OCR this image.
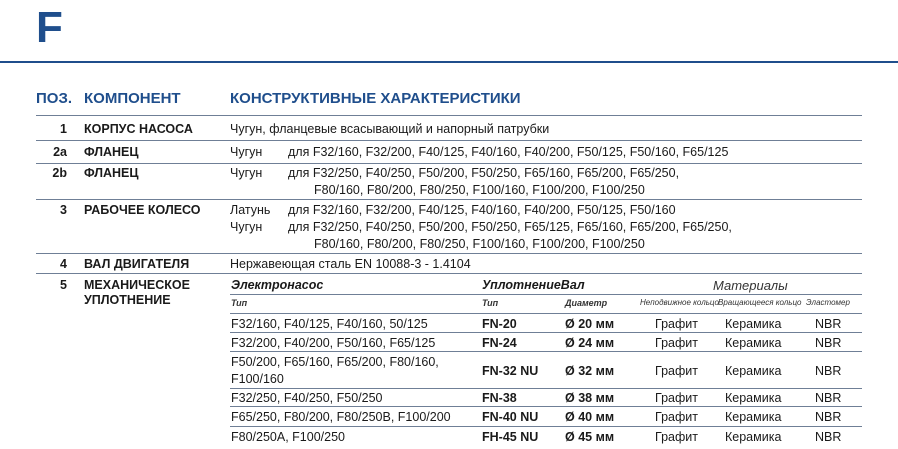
F
ПОЗ. КОМПОНЕНТ	КОНСТРУКТИВНЫЕ ХАРАКТЕРИСТИКИ
1 КОРПУС НАСОСА	Чугун, фланцевые всасывающий и напорный патрубки
2a ФЛАНЕЦ	Чугун для F32/160, F32/200, F40/125, F40/160, F40/200, F50/125, F50/160, F65/125
2b ФЛАНЕЦ	Чугун для F32/250, F40/250, F50/200, F50/250, F65/160, F65/200, F65/250,
F80/160, F80/200, F80/250, F100/160, F100/200, F100/250
3 РАБОЧЕЕ КОЛЕСО Латунь для F32/160, F32/200, F40/125, F40/160, F40/200, F50/125, F50/160
Чугун для F32/250, F40/250, F50/200, F50/250, F65/125, F65/160, F65/200, F65/250,
F80/160, F80/200, F80/250, F100/160, F100/200, F100/250
4 ВАЛ ДВИГАТЕЛЯ	Нержавеющая сталь EN 10088-3 - 1.4104
5 МЕХАНИЧЕСКОЕ
УПЛОТНЕНИЕ
Электронасос	УплотнениеВал	Материалы
Тип	Тип	Диаметр	Неподвижное кольцо Вращающееся кольцо Эластомер
F32/160, F40/125, F40/160, 50/125	FN-20	Ø 20 мм	Графит Керамика	NBR
F32/200, F40/200, F50/160, F65/125	FN-24	Ø 24 мм	Графит Керамика	NBR
F50/200, F65/160, F65/200, F80/160,
F100/160
FN-32 NU Ø 32 мм	Графит Керамика	NBR
F32/250, F40/250, F50/250	FN-38	Ø 38 мм	Графит Керамика	NBR
F65/250, F80/200, F80/250B, F100/200	FN-40 NU Ø 40 мм	Графит Керамика	NBR
F80/250A, F100/250	FH-45 NU Ø 45 мм	Графит Керамика	NBR
